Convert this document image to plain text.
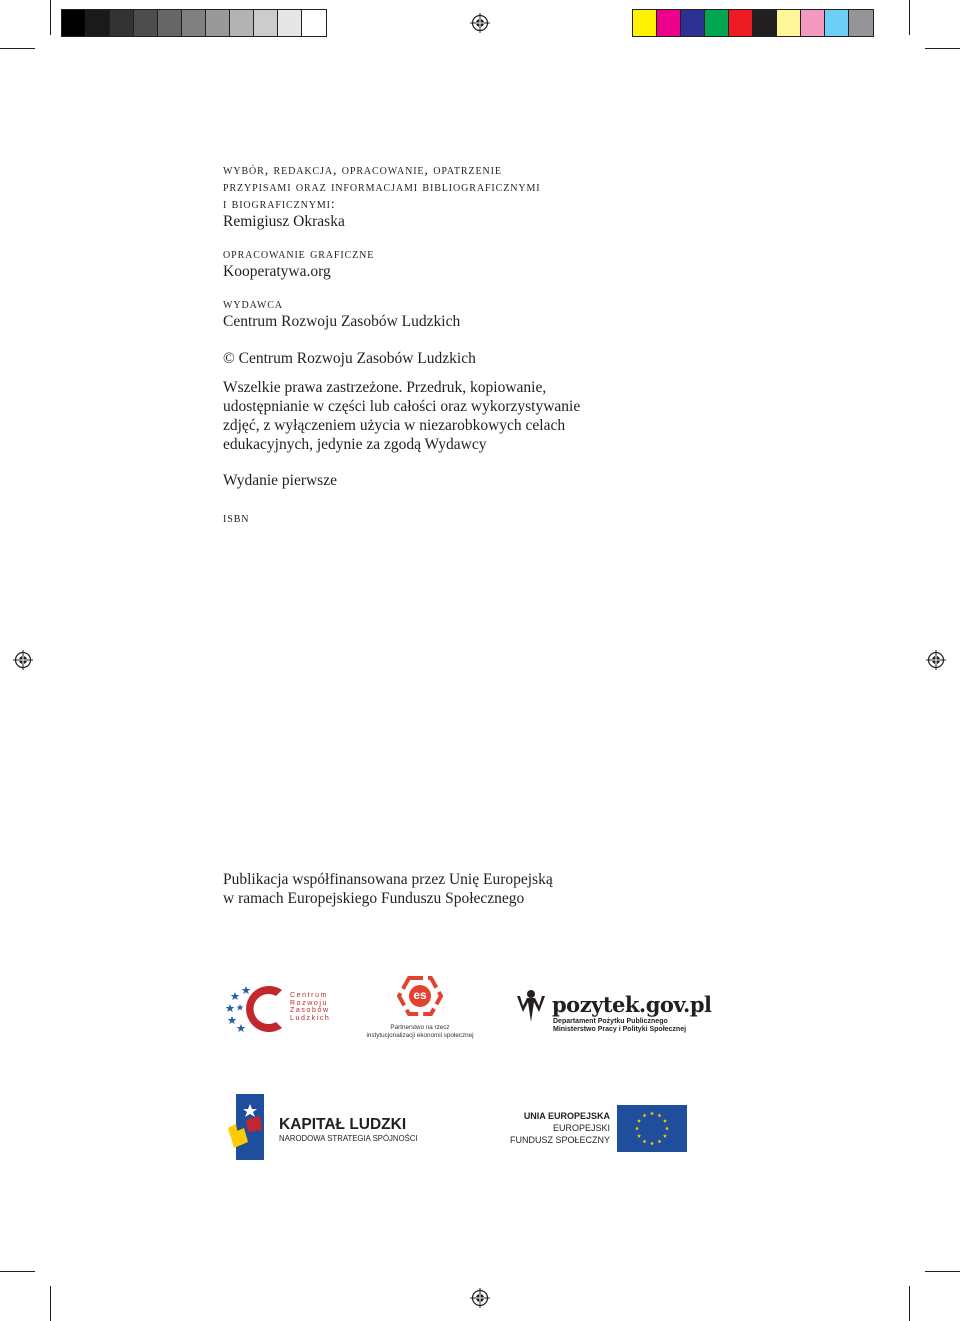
wybór, redakcja, opracowanie, opatrzenie

przypisami oraz informacjami bibliograficznymi

i biograficznymi:

Remigiusz Okraska

opracowanie graficzne

Kooperatywa.org

wydawca

Centrum Rozwoju Zasobów Ludzkich

© Centrum Rozwoju Zasobów Ludzkich

Wszelkie prawa zastrzeżone. Przedruk, kopiowanie,

udostępnianie w części lub całości oraz wykorzystywanie

zdjęć, z wyłączeniem użycia w niezarobkowych celach

edukacyjnych, jedynie za zgodą Wydawcy

Wydanie pierwsze

isbn

Publikacja współfinansowana przez Unię Europejską
w ramach Europejskiego Funduszu Społecznego
Centrum
Rozwoju
Zasobów
Ludzkich
es
Partnerstwo na rzecz
instytucjonalizacji ekonomii społecznej
pozytek.gov.pl
Departament Pożytku Publicznego
Ministerstwo Pracy i Polityki Społecznej
KAPITAŁ LUDZKI
NARODOWA STRATEGIA SPÓJNOŚCI
UNIA EUROPEJSKA
EUROPEJSKI
FUNDUSZ SPOŁECZNY
